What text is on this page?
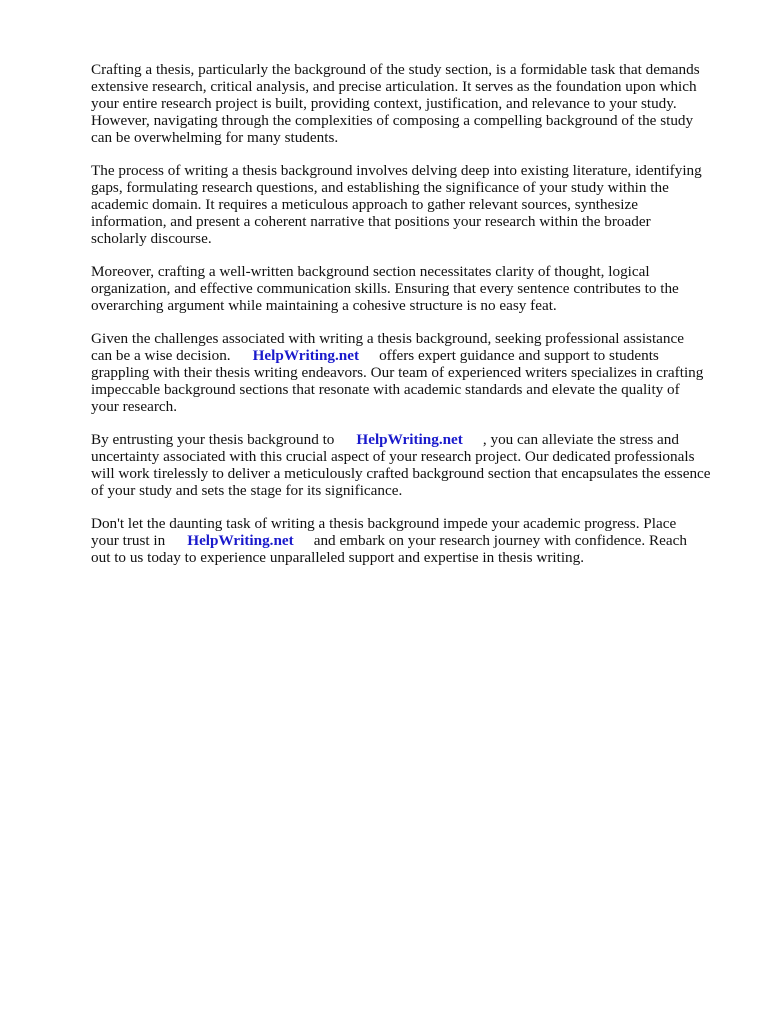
Crafting a thesis, particularly the background of the study section, is a formidable task that demands
extensive research, critical analysis, and precise articulation. It serves as the foundation upon which
your entire research project is built, providing context, justification, and relevance to your study.
However, navigating through the complexities of composing a compelling background of the study
can be overwhelming for many students.

The process of writing a thesis background involves delving deep into existing literature, identifying
gaps, formulating research questions, and establishing the significance of your study within the
academic domain. It requires a meticulous approach to gather relevant sources, synthesize
information, and present a coherent narrative that positions your research within the broader
scholarly discourse.

Moreover, crafting a well-written background section necessitates clarity of thought, logical
organization, and effective communication skills. Ensuring that every sentence contributes to the
overarching argument while maintaining a cohesive structure is no easy feat.

Given the challenges associated with writing a thesis background, seeking professional assistance
can be a wise decision. HelpWriting.net offers expert guidance and support to students
grappling with their thesis writing endeavors. Our team of experienced writers specializes in crafting
impeccable background sections that resonate with academic standards and elevate the quality of
your research.

By entrusting your thesis background to HelpWriting.net , you can alleviate the stress and
uncertainty associated with this crucial aspect of your research project. Our dedicated professionals
will work tirelessly to deliver a meticulously crafted background section that encapsulates the essence
of your study and sets the stage for its significance.

Don't let the daunting task of writing a thesis background impede your academic progress. Place
your trust in HelpWriting.net and embark on your research journey with confidence. Reach
out to us today to experience unparalleled support and expertise in thesis writing.
